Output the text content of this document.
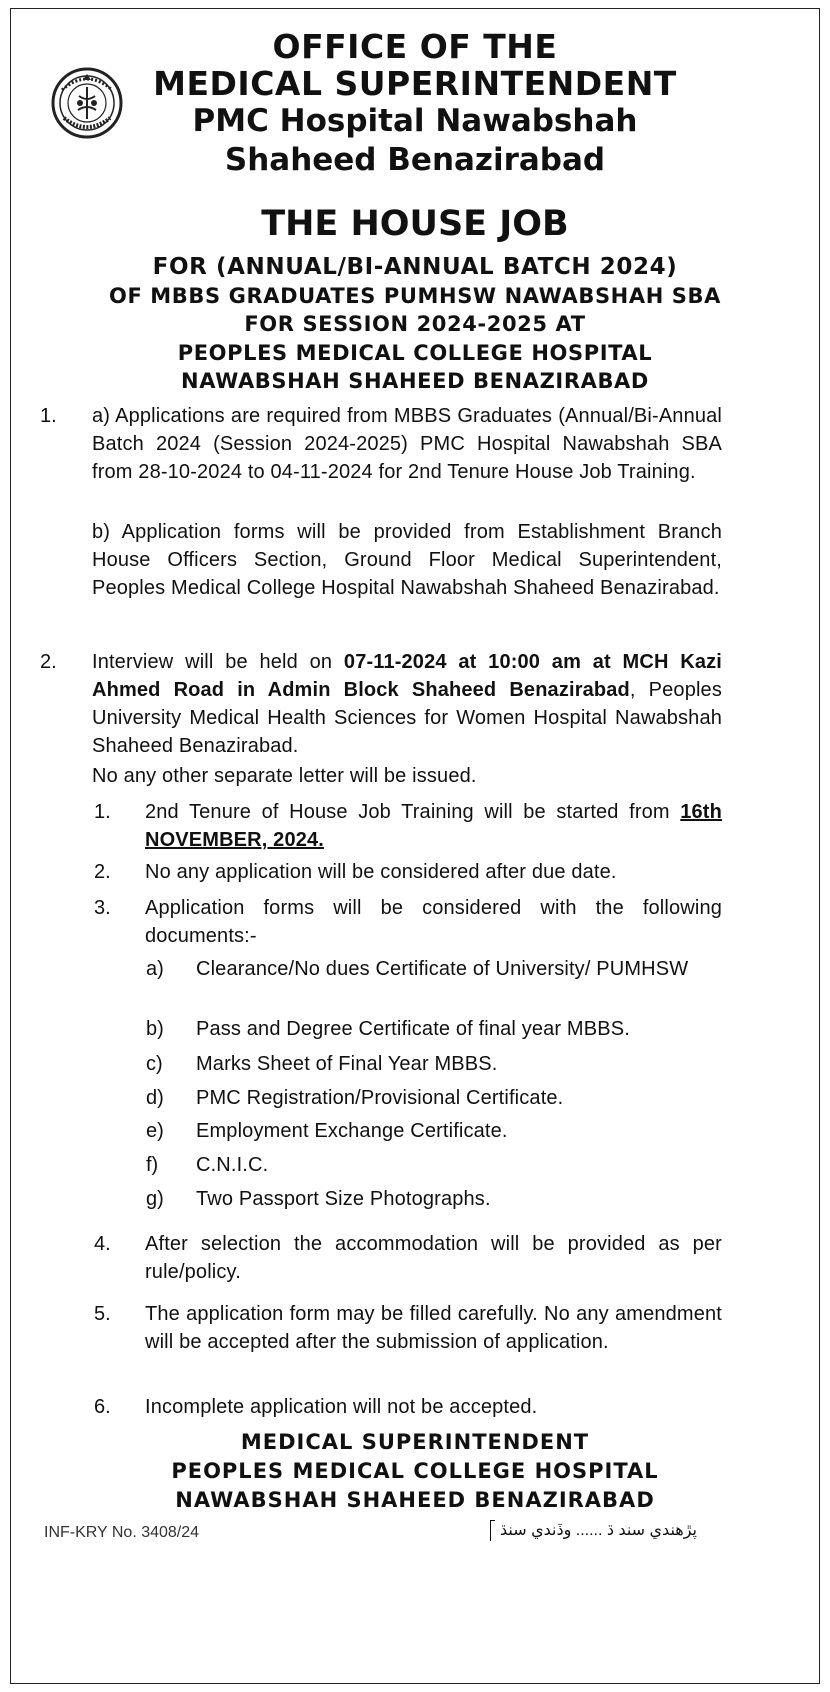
OFFICE OF THE
MEDICAL SUPERINTENDENT
PMC Hospital Nawabshah
Shaheed Benazirabad
THE HOUSE JOB
FOR (ANNUAL/BI-ANNUAL BATCH 2024)
OF MBBS GRADUATES PUMHSW NAWABSHAH SBA
FOR SESSION 2024-2025 AT
PEOPLES MEDICAL COLLEGE HOSPITAL
NAWABSHAH SHAHEED BENAZIRABAD
1. a) Applications are required from MBBS Graduates (Annual/Bi-Annual Batch 2024 (Session 2024-2025) PMC Hospital Nawabshah SBA from 28-10-2024 to 04-11-2024 for 2nd Tenure House Job Training.
b) Application forms will be provided from Establishment Branch House Officers Section, Ground Floor Medical Superintendent, Peoples Medical College Hospital Nawabshah Shaheed Benazirabad.
2. Interview will be held on 07-11-2024 at 10:00 am at MCH Kazi Ahmed Road in Admin Block Shaheed Benazirabad, Peoples University Medical Health Sciences for Women Hospital Nawabshah Shaheed Benazirabad.
No any other separate letter will be issued.
1. 2nd Tenure of House Job Training will be started from 16th NOVEMBER, 2024.
2. No any application will be considered after due date.
3. Application forms will be considered with the following documents:-
a) Clearance/No dues Certificate of University/ PUMHSW
b) Pass and Degree Certificate of final year MBBS.
c) Marks Sheet of Final Year MBBS.
d) PMC Registration/Provisional Certificate.
e) Employment Exchange Certificate.
f) C.N.I.C.
g) Two Passport Size Photographs.
4. After selection the accommodation will be provided as per rule/policy.
5. The application form may be filled carefully. No any amendment will be accepted after the submission of application.
6. Incomplete application will not be accepted.
MEDICAL SUPERINTENDENT
PEOPLES MEDICAL COLLEGE HOSPITAL
NAWABSHAH SHAHEED BENAZIRABAD
INF-KRY No. 3408/24	پڙهندي سند ڌ ...... وڏندي سنڌ
